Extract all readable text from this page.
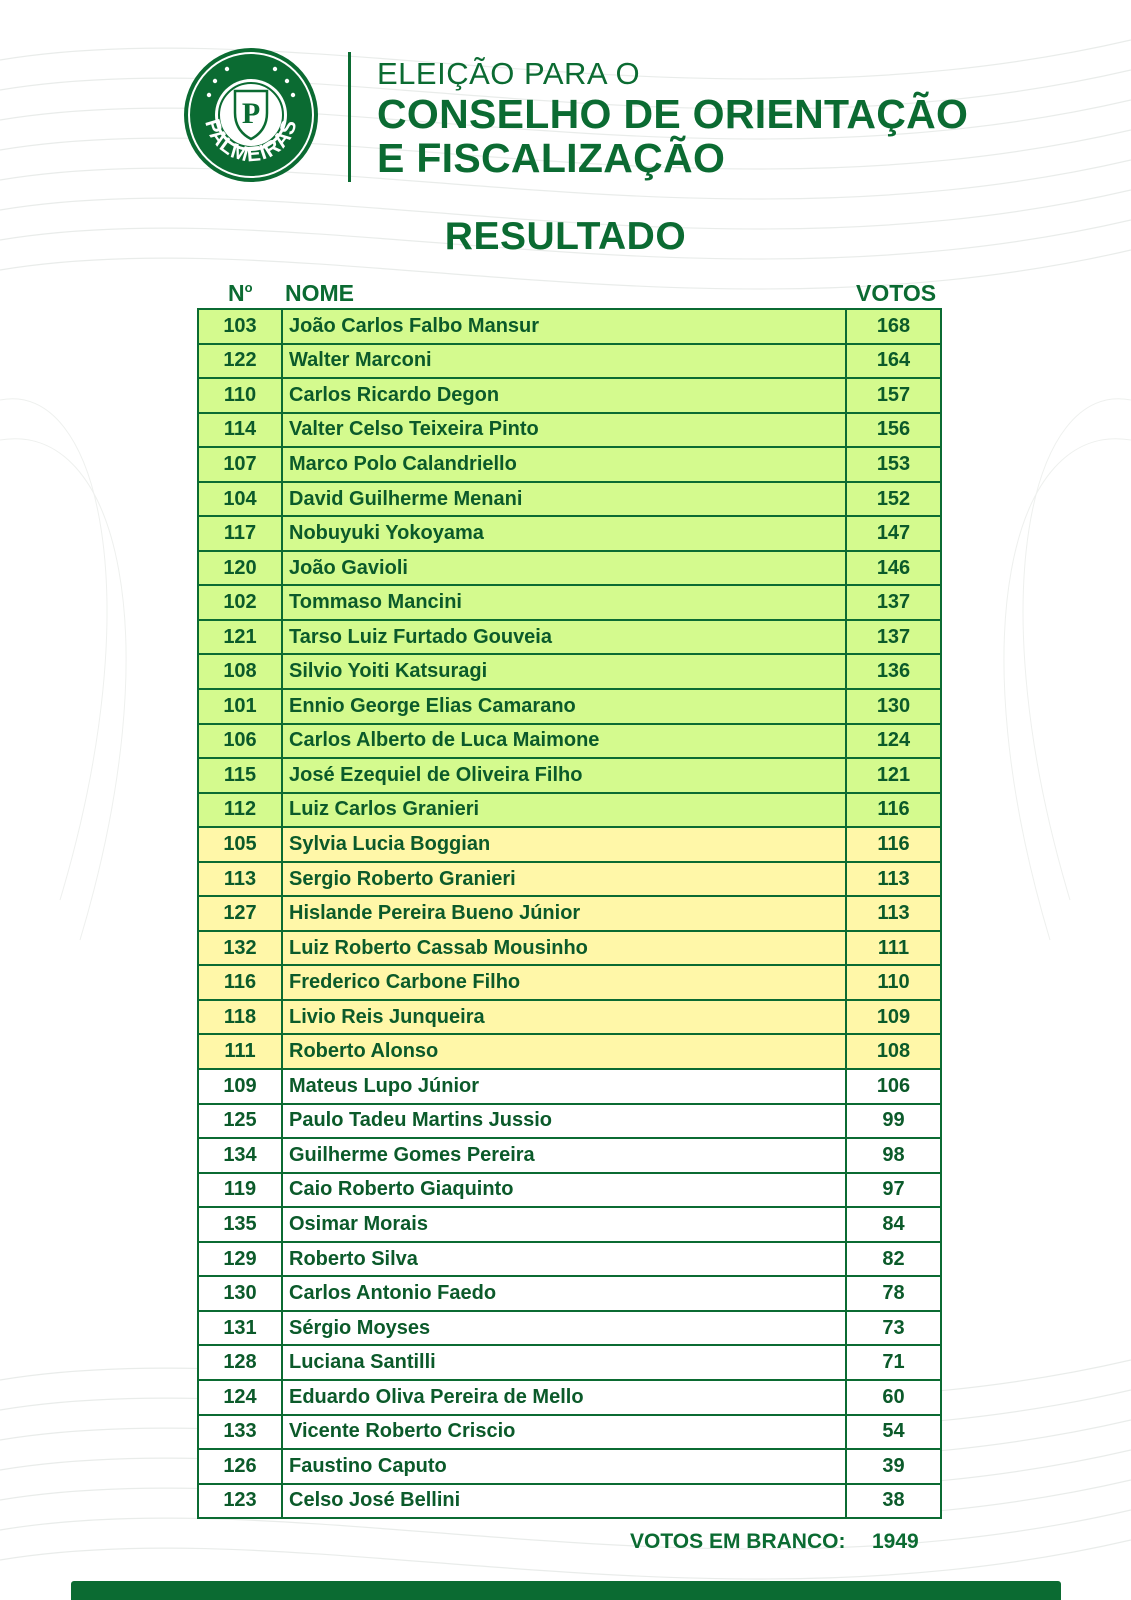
P
PALMEIRAS
ELEIÇÃO PARA O
CONSELHO DE ORIENTAÇÃO
E FISCALIZAÇÃO
RESULTADO
$N^o$ NOME	VOTOS
103	João Carlos Falbo Mansur	168
122	Walter Marconi	164
110	Carlos Ricardo Degon	157
114	Valter Celso Teixeira Pinto	156
107	Marco Polo Calandriello	153
104	David Guilherme Menani	152
117	Nobuyuki Yokoyama	147
120	João Gavioli	146
102	Tommaso Mancini	137
121	Tarso Luiz Furtado Gouveia	137
108	Silvio Yoiti Katsuragi	136
101	Ennio George Elias Camarano	130
106	Carlos Alberto de Luca Maimone	124
115	José Ezequiel de Oliveira Filho	121
112	Luiz Carlos Granieri	116
105	Sylvia Lucia Boggian	116
113	Sergio Roberto Granieri	113
127	Hislande Pereira Bueno Júnior	113
132	Luiz Roberto Cassab Mousinho	111
116	Frederico Carbone Filho	110
118	Livio Reis Junqueira	109
111	Roberto Alonso	108
109	Mateus Lupo Júnior	106
125	Paulo Tadeu Martins Jussio	99
134	Guilherme Gomes Pereira	98
119	Caio Roberto Giaquinto	97
135	Osimar Morais	84
129	Roberto Silva	82
130	Carlos Antonio Faedo	78
131	Sérgio Moyses	73
128	Luciana Santilli	71
124	Eduardo Oliva Pereira de Mello	60
133	Vicente Roberto Criscio	54
126	Faustino Caputo	39
123	Celso José Bellini	38
VOTOS EM BRANCO: 1949
